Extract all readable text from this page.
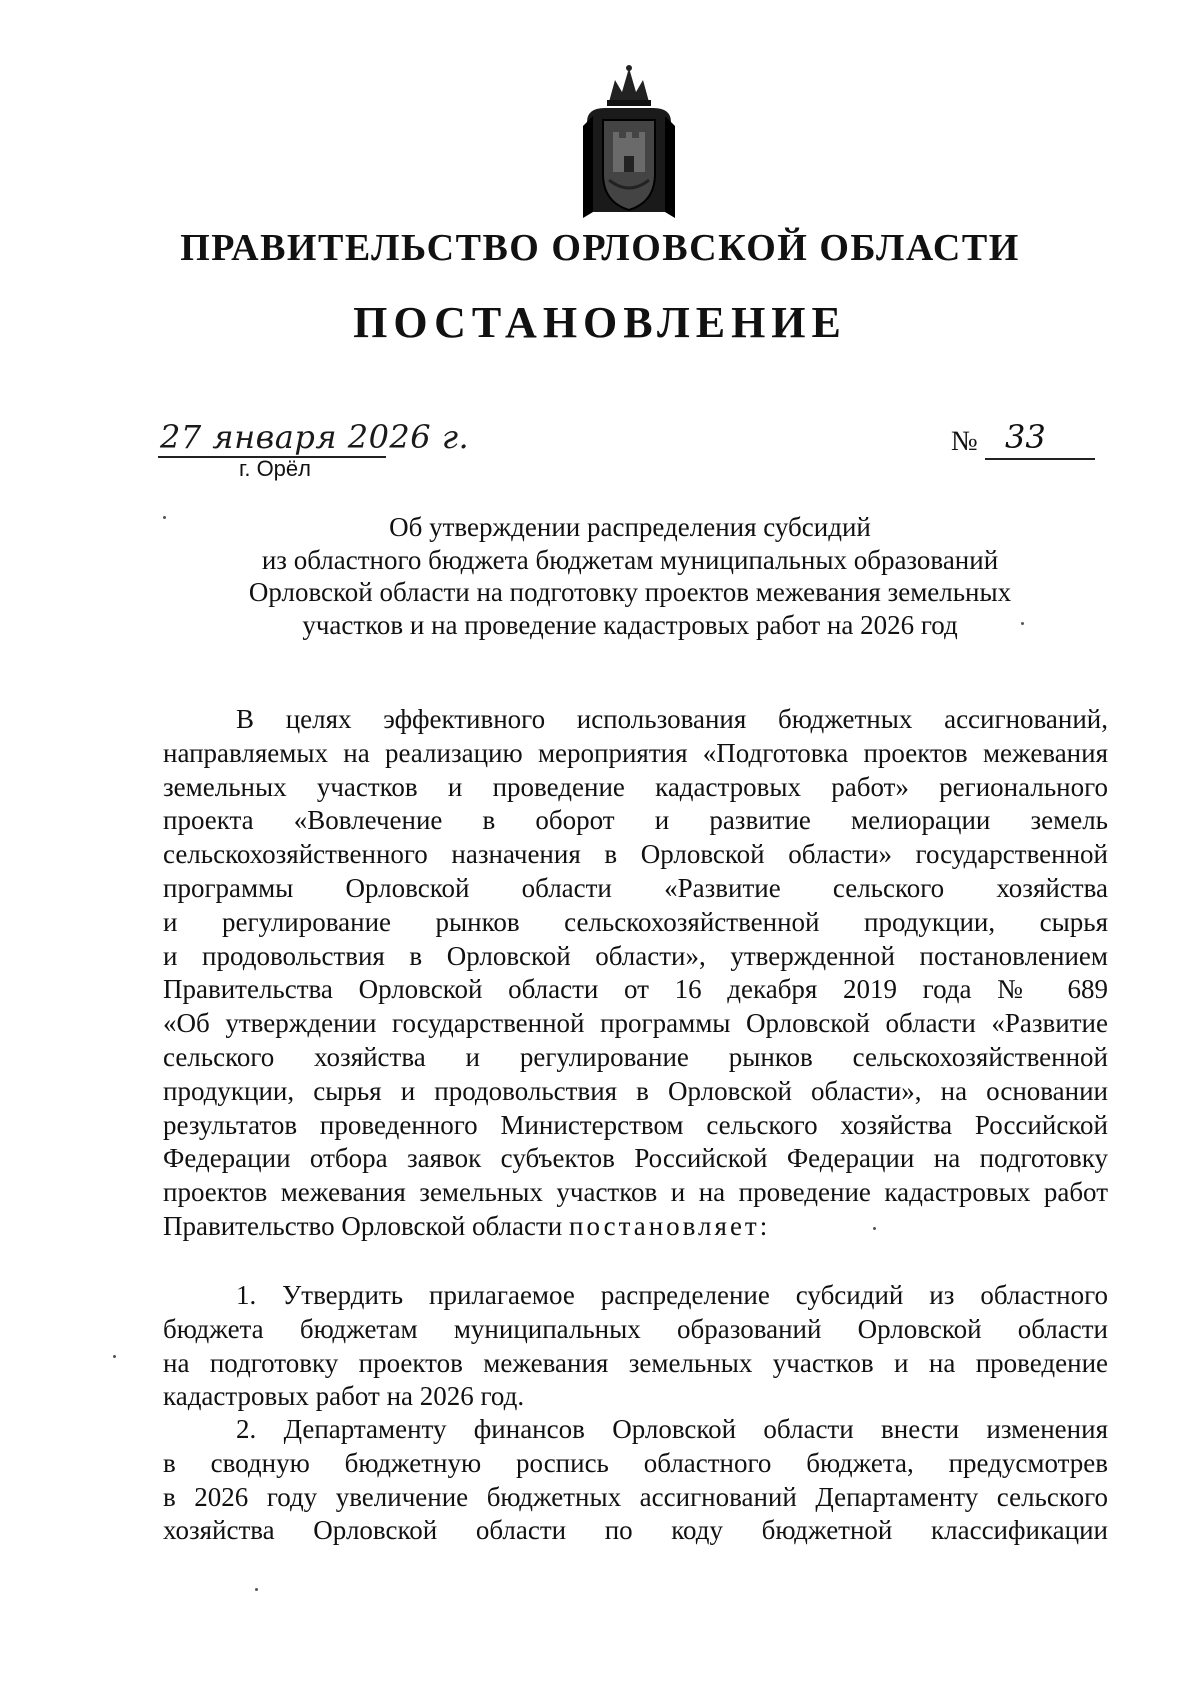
ПРАВИТЕЛЬСТВО ОРЛОВСКОЙ ОБЛАСТИ
ПОСТАНОВЛЕНИЕ
27 января 2026 г.
г. Орёл
№ 33
Об утверждении распределения субсидий
из областного бюджета бюджетам муниципальных образований
Орловской области на подготовку проектов межевания земельных
участков и на проведение кадастровых работ на 2026 год
В целях эффективного использования бюджетных ассигнований,
направляемых на реализацию мероприятия «Подготовка проектов межевания
земельных участков и проведение кадастровых работ» регионального
проекта «Вовлечение в оборот и развитие мелиорации земель
сельскохозяйственного назначения в Орловской области» государственной
программы Орловской области «Развитие сельского хозяйства
и регулирование рынков сельскохозяйственной продукции, сырья
и продовольствия в Орловской области», утвержденной постановлением
Правительства Орловской области от 16 декабря 2019 года № 689
«Об утверждении государственной программы Орловской области «Развитие
сельского хозяйства и регулирование рынков сельскохозяйственной
продукции, сырья и продовольствия в Орловской области», на основании
результатов проведенного Министерством сельского хозяйства Российской
Федерации отбора заявок субъектов Российской Федерации на подготовку
проектов межевания земельных участков и на проведение кадастровых работ
Правительство Орловской области постановляет:
1. Утвердить прилагаемое распределение субсидий из областного
бюджета бюджетам муниципальных образований Орловской области
на подготовку проектов межевания земельных участков и на проведение
кадастровых работ на 2026 год.
2. Департаменту финансов Орловской области внести изменения
в сводную бюджетную роспись областного бюджета, предусмотрев
в 2026 году увеличение бюджетных ассигнований Департаменту сельского
хозяйства Орловской области по коду бюджетной классификации
